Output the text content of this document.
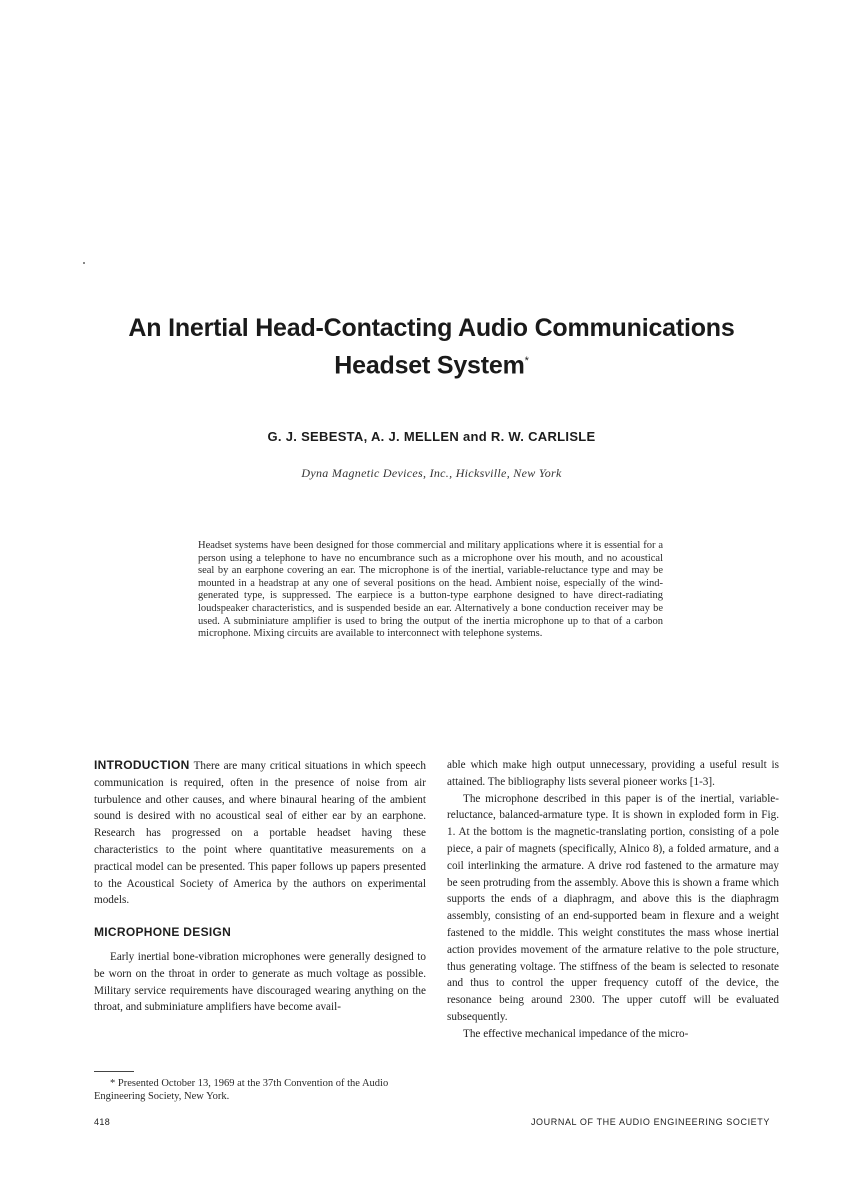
An Inertial Head-Contacting Audio Communications
Headset System*
G. J. SEBESTA, A. J. MELLEN and R. W. CARLISLE
Dyna Magnetic Devices, Inc., Hicksville, New York
Headset systems have been designed for those commercial and military applications where it is essential for a person using a telephone to have no encumbrance such as a microphone over his mouth, and no acoustical seal by an earphone covering an ear. The microphone is of the inertial, variable-reluctance type and may be mounted in a headstrap at any one of several positions on the head. Ambient noise, especially of the wind-generated type, is suppressed. The earpiece is a button-type earphone designed to have direct-radiating loudspeaker characteristics, and is suspended beside an ear. Alternatively a bone conduction receiver may be used. A subminiature amplifier is used to bring the output of the inertia microphone up to that of a carbon microphone. Mixing circuits are available to interconnect with telephone systems.

INTRODUCTION There are many critical situations in which speech communication is required, often in the presence of noise from air turbulence and other causes, and where binaural hearing of the ambient sound is desired with no acoustical seal of either ear by an earphone. Research has progressed on a portable headset having these characteristics to the point where quantitative measurements on a practical model can be presented. This paper follows up papers presented to the Acoustical Society of America by the authors on experimental models.

MICROPHONE DESIGN

Early inertial bone-vibration microphones were generally designed to be worn on the throat in order to generate as much voltage as possible. Military service requirements have discouraged wearing anything on the throat, and subminiature amplifiers have become avail-

able which make high output unnecessary, providing a useful result is attained. The bibliography lists several pioneer works [1-3].

The microphone described in this paper is of the inertial, variable-reluctance, balanced-armature type. It is shown in exploded form in Fig. 1. At the bottom is the magnetic-translating portion, consisting of a pole piece, a pair of magnets (specifically, Alnico 8), a folded armature, and a coil interlinking the armature. A drive rod fastened to the armature may be seen protruding from the assembly. Above this is shown a frame which supports the ends of a diaphragm, and above this is the diaphragm assembly, consisting of an end-supported beam in flexure and a weight fastened to the middle. This weight constitutes the mass whose inertial action provides movement of the armature relative to the pole structure, thus generating voltage. The stiffness of the beam is selected to resonate and thus to control the upper frequency cutoff of the device, the resonance being around 2300. The upper cutoff will be evaluated subsequently.

The effective mechanical impedance of the micro-

* Presented October 13, 1969 at the 37th Convention of the Audio Engineering Society, New York.
418	JOURNAL OF THE AUDIO ENGINEERING SOCIETY
